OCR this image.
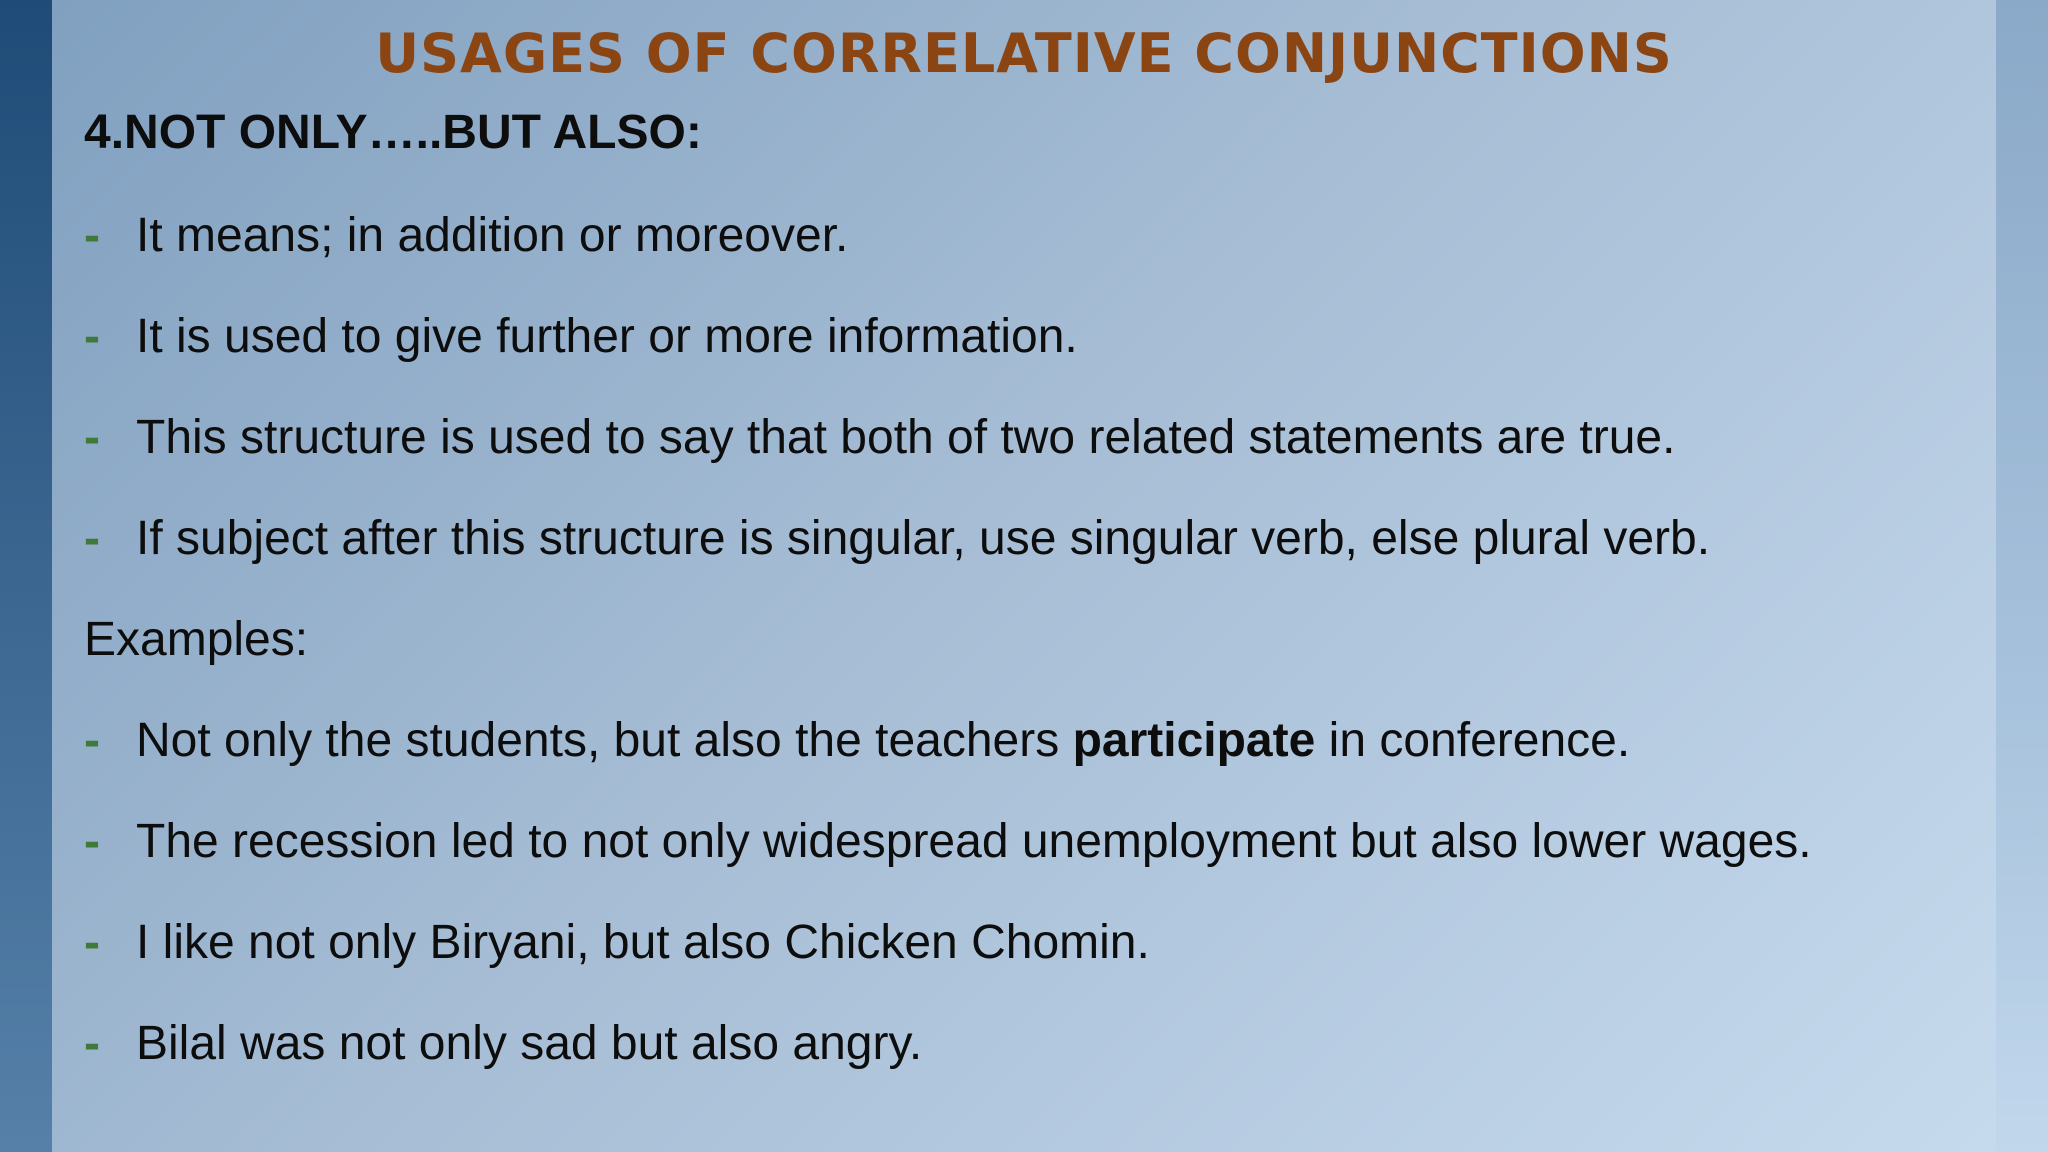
USAGES OF CORRELATIVE CONJUNCTIONS
4.NOT ONLY…..BUT ALSO:
- It means; in addition or moreover.
- It is used to give further or more information.
- This structure is used to say that both of two related statements are true.
- If subject after this structure is singular, use singular verb, else plural verb.
Examples:
- Not only the students, but also the teachers participate in conference.
- The recession led to not only widespread unemployment but also lower wages.
- I like not only Biryani, but also Chicken Chomin.
- Bilal was not only sad but also angry.
